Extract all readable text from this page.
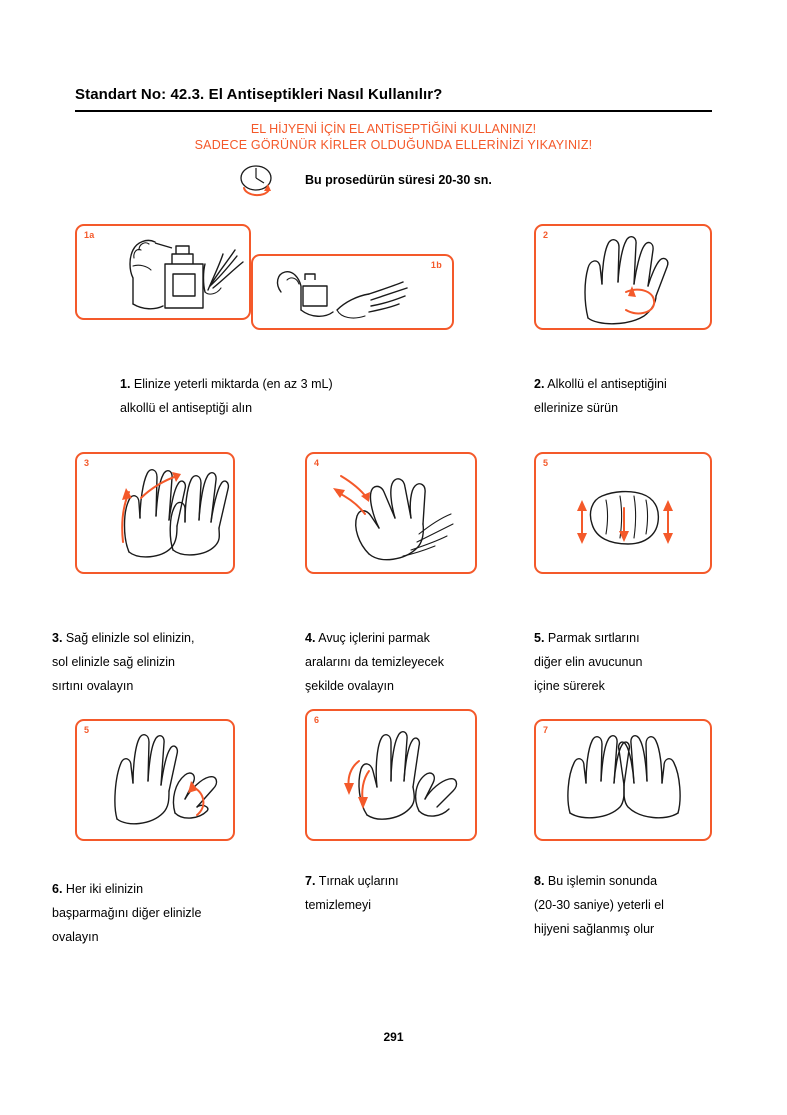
Standart No: 42.3. El Antiseptikleri Nasıl Kullanılır?
EL HİJYENİ İÇİN EL ANTİSEPTİĞİNİ KULLANINIZ!
SADECE GÖRÜNÜR KİRLER OLDUĞUNDA ELLERİNİZİ YIKAYINIZ!
Bu prosedürün süresi 20-30 sn.
1a
1b
2
1. Elinize yeterli miktarda (en az 3 mL)
alkollü el antiseptiği alın
2. Alkollü el antiseptiğini
ellerinize sürün
3	4	5
3. Sağ elinizle sol elinizin,
sol elinizle sağ elinizin
sırtını ovalayın
4. Avuç içlerini parmak
aralarını da temizleyecek
şekilde ovalayın
5. Parmak sırtlarını
diğer elin avucunun
içine sürerek
5
6
7
6. Her iki elinizin
başparmağını diğer elinizle
ovalayın
7. Tırnak uçlarını
temizlemeyi
8. Bu işlemin sonunda
(20-30 saniye) yeterli el
hijyeni sağlanmış olur
291
